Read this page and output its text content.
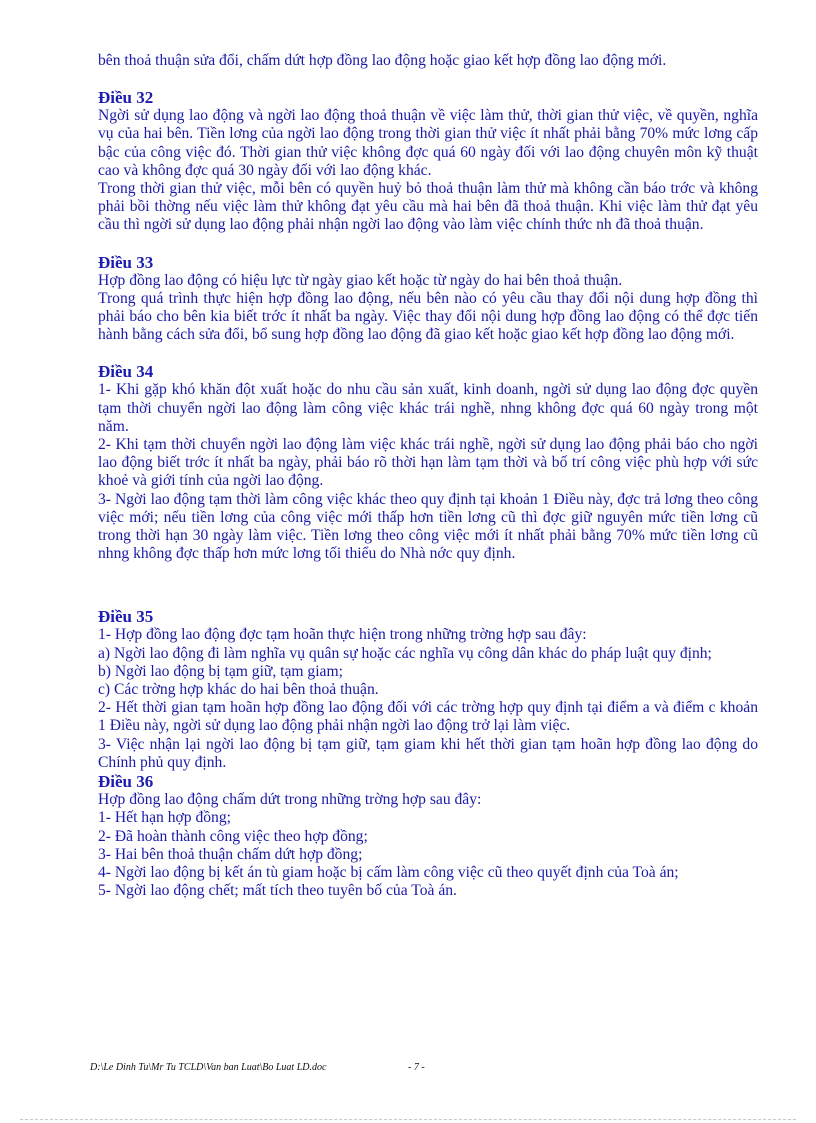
bên thoả thuận sửa đổi, chấm dứt hợp đồng lao động hoặc giao kết hợp đồng lao động mới.

Điều 32

Ngời sử dụng lao động và ngời lao động thoả thuận về việc làm thử, thời gian thử việc, về quyền, nghĩa vụ của hai bên. Tiền lơng của ngời lao động trong thời gian thử việc ít nhất phải bằng 70% mức lơng cấp bậc của công việc đó. Thời gian thử việc không đợc quá 60 ngày đối với lao động chuyên môn kỹ thuật cao và không đợc quá 30 ngày đối với lao động khác.

Trong thời gian thử việc, mỗi bên có quyền huỷ bỏ thoả thuận làm thử mà không cần báo trớc và không phải bồi thờng nếu việc làm thử không đạt yêu cầu mà hai bên đã thoả thuận. Khi việc làm thử đạt yêu cầu thì ngời sử dụng lao động phải nhận ngời lao động vào làm việc chính thức nh đã thoả thuận.

Điều 33

Hợp đồng lao động có hiệu lực từ ngày giao kết hoặc từ ngày do hai bên thoả thuận.

Trong quá trình thực hiện hợp đồng lao động, nếu bên nào có yêu cầu thay đổi nội dung hợp đồng thì phải báo cho bên kia biết trớc ít nhất ba ngày. Việc thay đổi nội dung hợp đồng lao động có thể đợc tiến hành bằng cách sửa đổi, bổ sung hợp đồng lao động đã giao kết hoặc giao kết hợp đồng lao động mới.

Điều 34

1- Khi gặp khó khăn đột xuất hoặc do nhu cầu sản xuất, kinh doanh, ngời sử dụng lao động đợc quyền tạm thời chuyển ngời lao động làm công việc khác trái nghề, nhng không đợc quá 60 ngày trong một năm.

2- Khi tạm thời chuyển ngời lao động làm việc khác trái nghề, ngời sử dụng lao động phải báo cho ngời lao động biết trớc ít nhất ba ngày, phải báo rõ thời hạn làm tạm thời và bố trí công việc phù hợp với sức khoẻ và giới tính của ngời lao động.

3- Ngời lao động tạm thời làm công việc khác theo quy định tại khoản 1 Điều này, đợc trả lơng theo công việc mới; nếu tiền lơng của công việc mới thấp hơn tiền lơng cũ thì đợc giữ nguyên mức tiền lơng cũ trong thời hạn 30 ngày làm việc. Tiền lơng theo công việc mới ít nhất phải bằng 70% mức tiền lơng cũ nhng không đợc thấp hơn mức lơng tối thiểu do Nhà nớc quy định.

Điều 35

1- Hợp đồng lao động đợc tạm hoãn thực hiện trong những trờng hợp sau đây:

a) Ngời lao động đi làm nghĩa vụ quân sự hoặc các nghĩa vụ công dân khác do pháp luật quy định;

b) Ngời lao động bị tạm giữ, tạm giam;

c) Các trờng hợp khác do hai bên thoả thuận.

2- Hết thời gian tạm hoãn hợp đồng lao động đối với các trờng hợp quy định tại điểm a và điểm c khoản 1 Điều này, ngời sử dụng lao động phải nhận ngời lao động trở lại làm việc.

3- Việc nhận lại ngời lao động bị tạm giữ, tạm giam khi hết thời gian tạm hoãn hợp đồng lao động do Chính phủ quy định.

Điều 36

Hợp đồng lao động chấm dứt trong những trờng hợp sau đây:

1- Hết hạn hợp đồng;

2- Đã hoàn thành công việc theo hợp đồng;

3- Hai bên thoả thuận chấm dứt hợp đồng;

4- Ngời lao động bị kết án tù giam hoặc bị cấm làm công việc cũ theo quyết định của Toà án;

5- Ngời lao động chết; mất tích theo tuyên bố của Toà án.

D:\Le Dinh Tu\Mr Tu TCLD\Van ban Luat\Bo Luat LD.doc	- 7 -
